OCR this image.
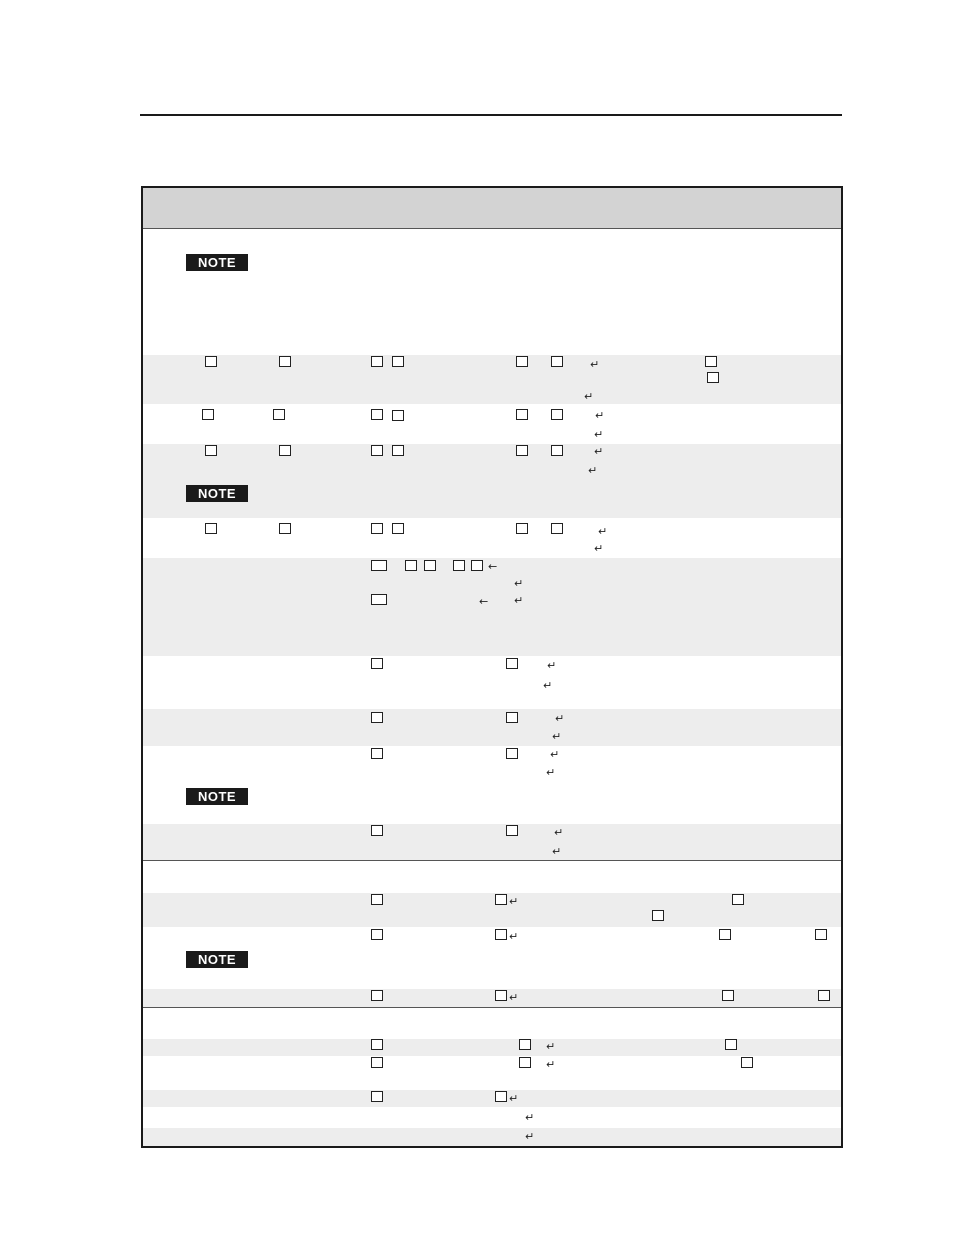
NOTE
NOTE
NOTE
NOTE
↵
↵
↵
↵
↵
↵
↵
↵
←
↵
← ↵
↵
↵
↵
↵
↵
↵
↵
↵
↵
↵
↵
↵
↵
↵
↵
↵
